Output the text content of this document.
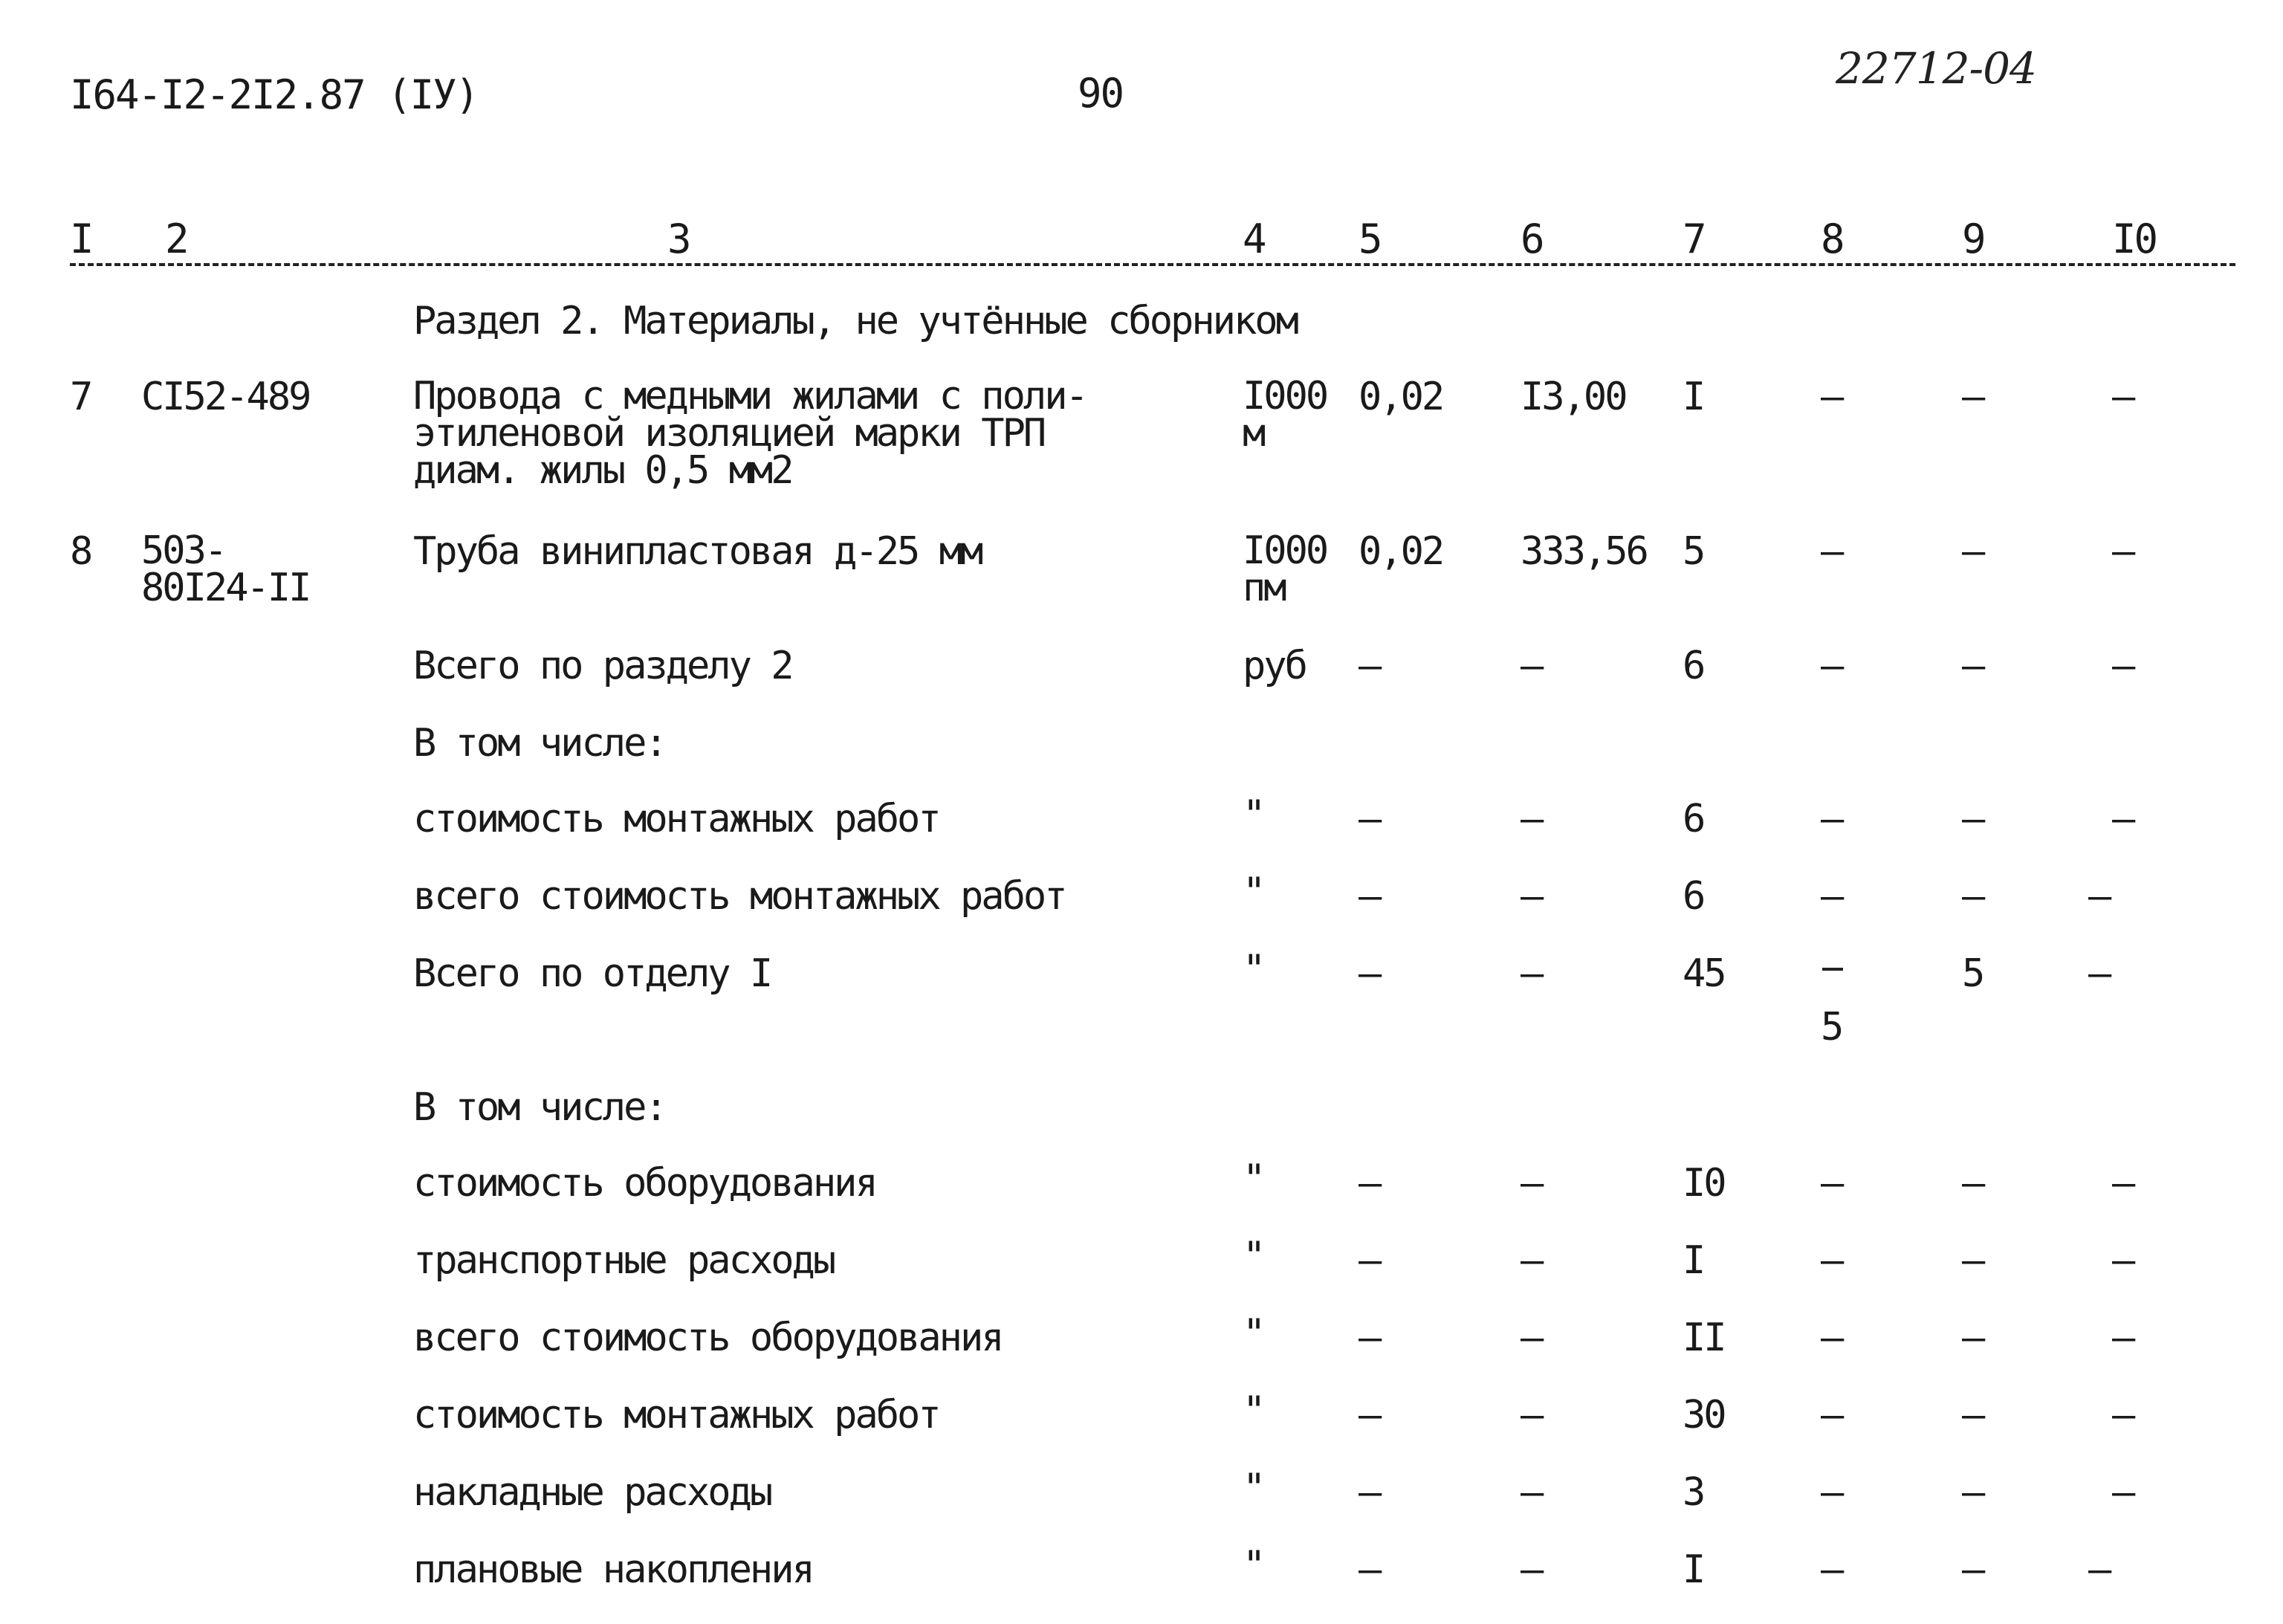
I64-I2-2I2.87 (IУ)	90	22712-04
I 2	3	4 5	6	7	8	9	I0
Раздел 2. Материалы, не учтённые сборником
7 СI52-489	Провода с медными жилами с поли-
этиленовой изоляцией марки ТРП
диам. жилы 0,5 мм2
I000
м
0,02 I3,00 I	–	–	–
8 503-
80I24-II
Труба винипластовая д-25 мм	I000
пм
0,02 333,56 5	–	–	–
Всего по разделу 2	руб –	–	6	–	–	–
В том числе:
стоимость монтажных работ	" –	–	6	–	–	–
всего стоимость монтажных работ	" –	–	6	–	–	–
Всего по отделу I	" –	–	45
5
5	–
В том числе:
стоимость оборудования	" –	–	I0 –	–	–
транспортные расходы	" –	–	I	–	–	–
всего стоимость оборудования	" –	–	II –	–	–
стоимость монтажных работ	" –	–	30 –	–	–
накладные расходы	" –	–	3	–	–	–
плановые накопления	" –	–	I	–	–	–
